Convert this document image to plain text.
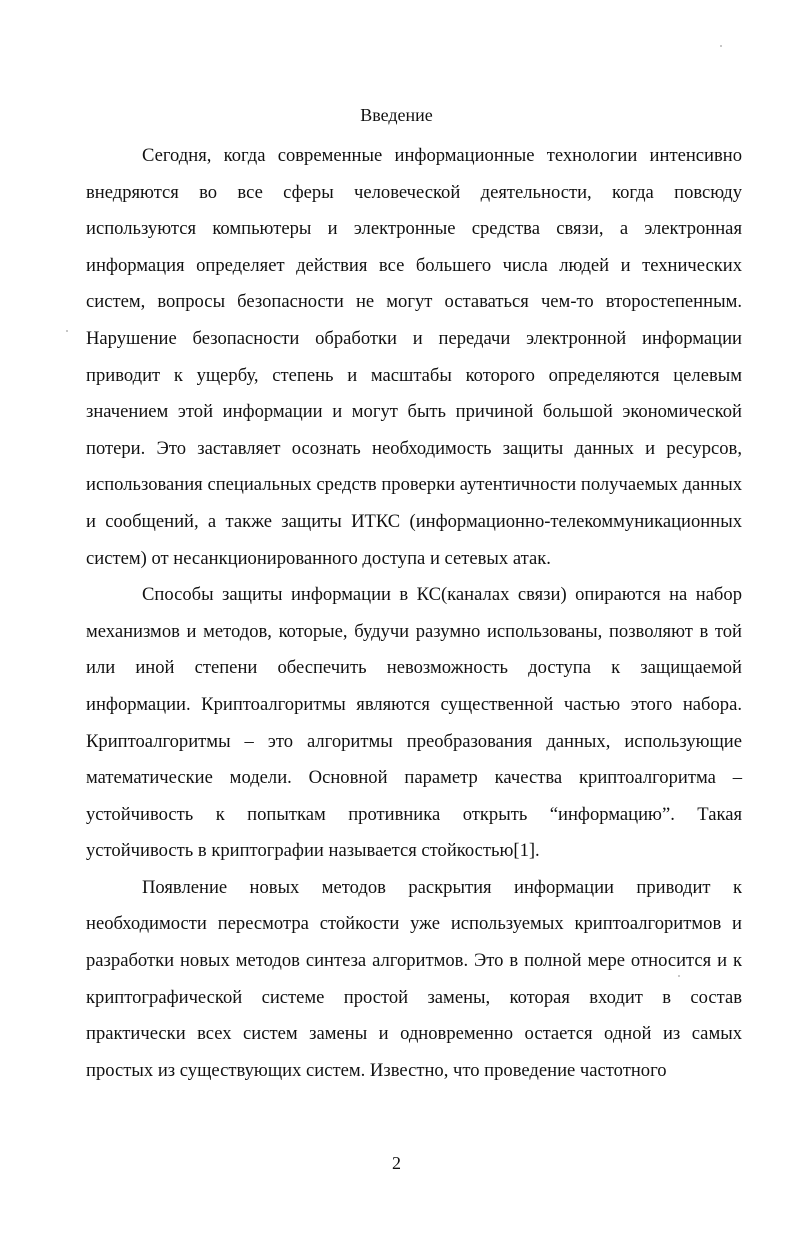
Введение

Сегодня, когда современные информационные технологии интенсивно внедряются во все сферы человеческой деятельности, когда повсюду используются компьютеры и электронные средства связи, а электронная информация определяет действия все большего числа людей и технических систем, вопросы безопасности не могут оставаться чем-то второстепенным. Нарушение безопасности обработки и передачи электронной информации приводит к ущербу, степень и масштабы которого определяются целевым значением этой информации и могут быть причиной большой экономической потери. Это заставляет осознать необходимость защиты данных и ресурсов, использования специальных средств проверки аутентичности получаемых данных и сообщений, а также защиты ИТКС (информационно-телекоммуникационных систем) от несанкционированного доступа и сетевых атак.

Способы защиты информации в КС(каналах связи) опираются на набор механизмов и методов, которые, будучи разумно использованы, позволяют в той или иной степени обеспечить невозможность доступа к защищаемой информации. Криптоалгоритмы являются существенной частью этого набора. Криптоалгоритмы – это алгоритмы преобразования данных, использующие математические модели. Основной параметр качества криптоалгоритма – устойчивость к попыткам противника открыть “информацию”. Такая устойчивость в криптографии называется стойкостью[1].

Появление новых методов раскрытия информации приводит к необходимости пересмотра стойкости уже используемых криптоалгоритмов и разработки новых методов синтеза алгоритмов. Это в полной мере относится и к криптографической системе простой замены, которая входит в состав практически всех систем замены и одновременно остается одной из самых простых из существующих систем. Известно, что проведение частотного

2
